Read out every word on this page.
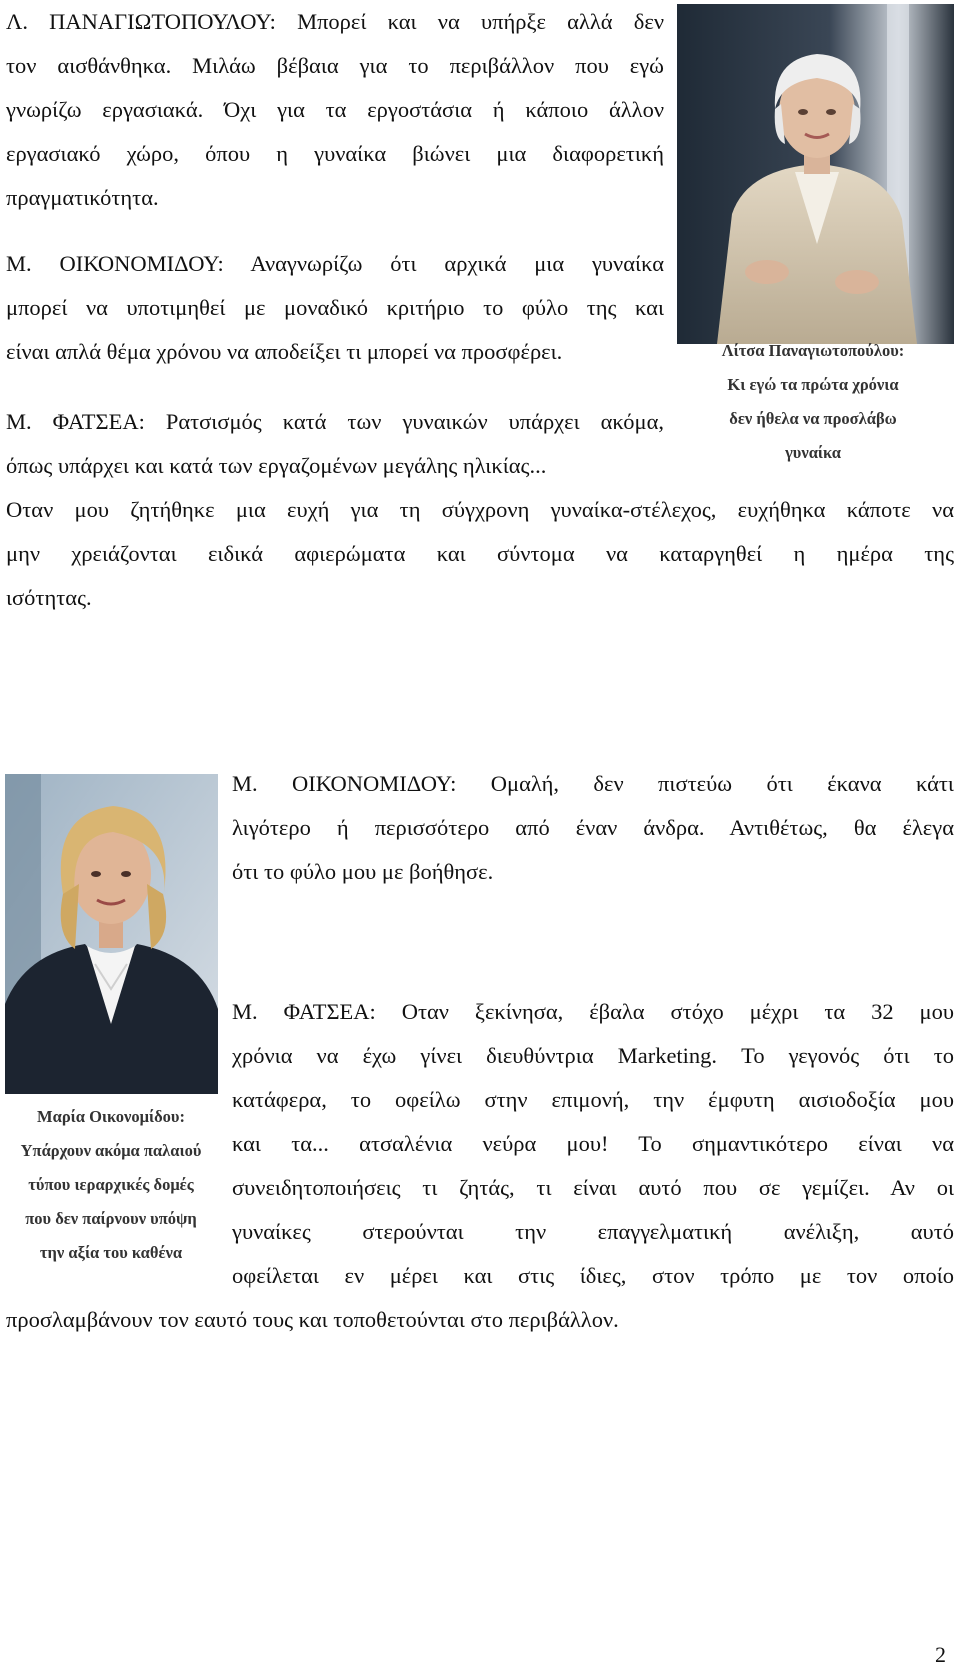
Λ. ΠΑΝΑΓΙΩΤΟΠΟΥΛΟΥ: Μπορεί και να υπήρξε αλλά δεν
τον αισθάνθηκα. Μιλάω βέβαια για το περιβάλλον που εγώ
γνωρίζω εργασιακά. Όχι για τα εργοστάσια ή κάποιο άλλον
εργασιακό χώρο, όπου η γυναίκα βιώνει μια διαφορετική
πραγματικότητα.
Μ. ΟΙΚΟΝΟΜΙΔΟΥ: Αναγνωρίζω ότι αρχικά μια γυναίκα
μπορεί να υποτιμηθεί με μοναδικό κριτήριο το φύλο της και
είναι απλά θέμα χρόνου να αποδείξει τι μπορεί να προσφέρει.
Μ. ΦΑΤΣΕΑ: Ρατσισμός κατά των γυναικών υπάρχει ακόμα,
όπως υπάρχει και κατά των εργαζομένων μεγάλης ηλικίας...
Λίτσα Παναγιωτοπούλου:
Κι εγώ τα πρώτα χρόνια
δεν ήθελα να προσλάβω
γυναίκα
Οταν μου ζητήθηκε μια ευχή για τη σύγχρονη γυναίκα-στέλεχος, ευχήθηκα κάποτε να
μην χρειάζονται ειδικά αφιερώματα και σύντομα να καταργηθεί η ημέρα της
ισότητας.
Μαρία Οικονομίδου:
Υπάρχουν ακόμα παλαιού
τύπου ιεραρχικές δομές
που δεν παίρνουν υπόψη
την αξία του καθένα
Μ. ΟΙΚΟΝΟΜΙΔΟΥ: Ομαλή, δεν πιστεύω ότι έκανα κάτι
λιγότερο ή περισσότερο από έναν άνδρα. Αντιθέτως, θα έλεγα
ότι το φύλο μου με βοήθησε.
Μ. ΦΑΤΣΕΑ: Οταν ξεκίνησα, έβαλα στόχο μέχρι τα 32 μου
χρόνια να έχω γίνει διευθύντρια Marketing. Το γεγονός ότι το
κατάφερα, το οφείλω στην επιμονή, την έμφυτη αισιοδοξία μου
και τα... ατσαλένια νεύρα μου! Το σημαντικότερο είναι να
συνειδητοποιήσεις τι ζητάς, τι είναι αυτό που σε γεμίζει. Αν οι
γυναίκες στερούνται την επαγγελματική ανέλιξη, αυτό
οφείλεται εν μέρει και στις ίδιες, στον τρόπο με τον οποίο
προσλαμβάνουν τον εαυτό τους και τοποθετούνται στο περιβάλλον.
2
